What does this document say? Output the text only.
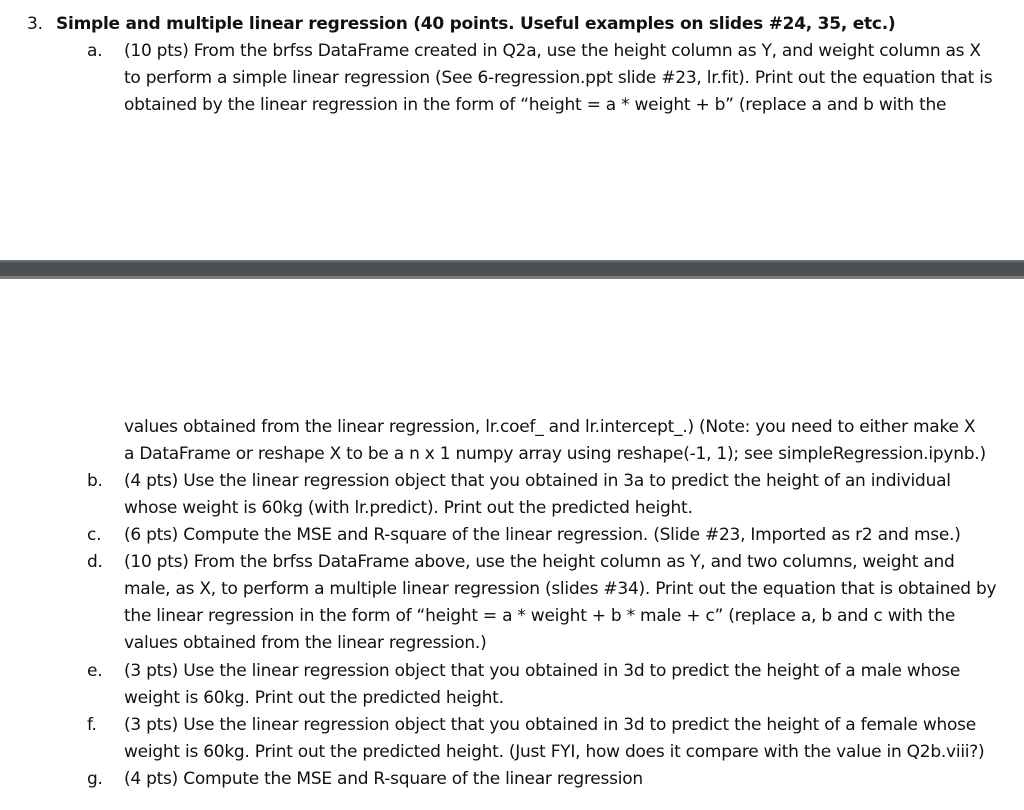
3. Simple and multiple linear regression (40 points. Useful examples on slides #24, 35, etc.)
a.	(10 pts) From the brfss DataFrame created in Q2a, use the height column as Y, and weight column as X
to perform a simple linear regression (See 6-regression.ppt slide #23, lr.fit). Print out the equation that is
obtained by the linear regression in the form of “height = a * weight + b” (replace a and b with the
values obtained from the linear regression, lr.coef_ and lr.intercept_.) (Note: you need to either make X
a DataFrame or reshape X to be a n x 1 numpy array using reshape(-1, 1); see simpleRegression.ipynb.)
b.	(4 pts) Use the linear regression object that you obtained in 3a to predict the height of an individual
whose weight is 60kg (with lr.predict). Print out the predicted height.
c.	(6 pts) Compute the MSE and R-square of the linear regression. (Slide #23, Imported as r2 and mse.)
d.	(10 pts) From the brfss DataFrame above, use the height column as Y, and two columns, weight and
male, as X, to perform a multiple linear regression (slides #34). Print out the equation that is obtained by
the linear regression in the form of “height = a * weight + b * male + c” (replace a, b and c with the
values obtained from the linear regression.)
e.	(3 pts) Use the linear regression object that you obtained in 3d to predict the height of a male whose
weight is 60kg. Print out the predicted height.
f.	(3 pts) Use the linear regression object that you obtained in 3d to predict the height of a female whose
weight is 60kg. Print out the predicted height. (Just FYI, how does it compare with the value in Q2b.viii?)
g.	(4 pts) Compute the MSE and R-square of the linear regression
